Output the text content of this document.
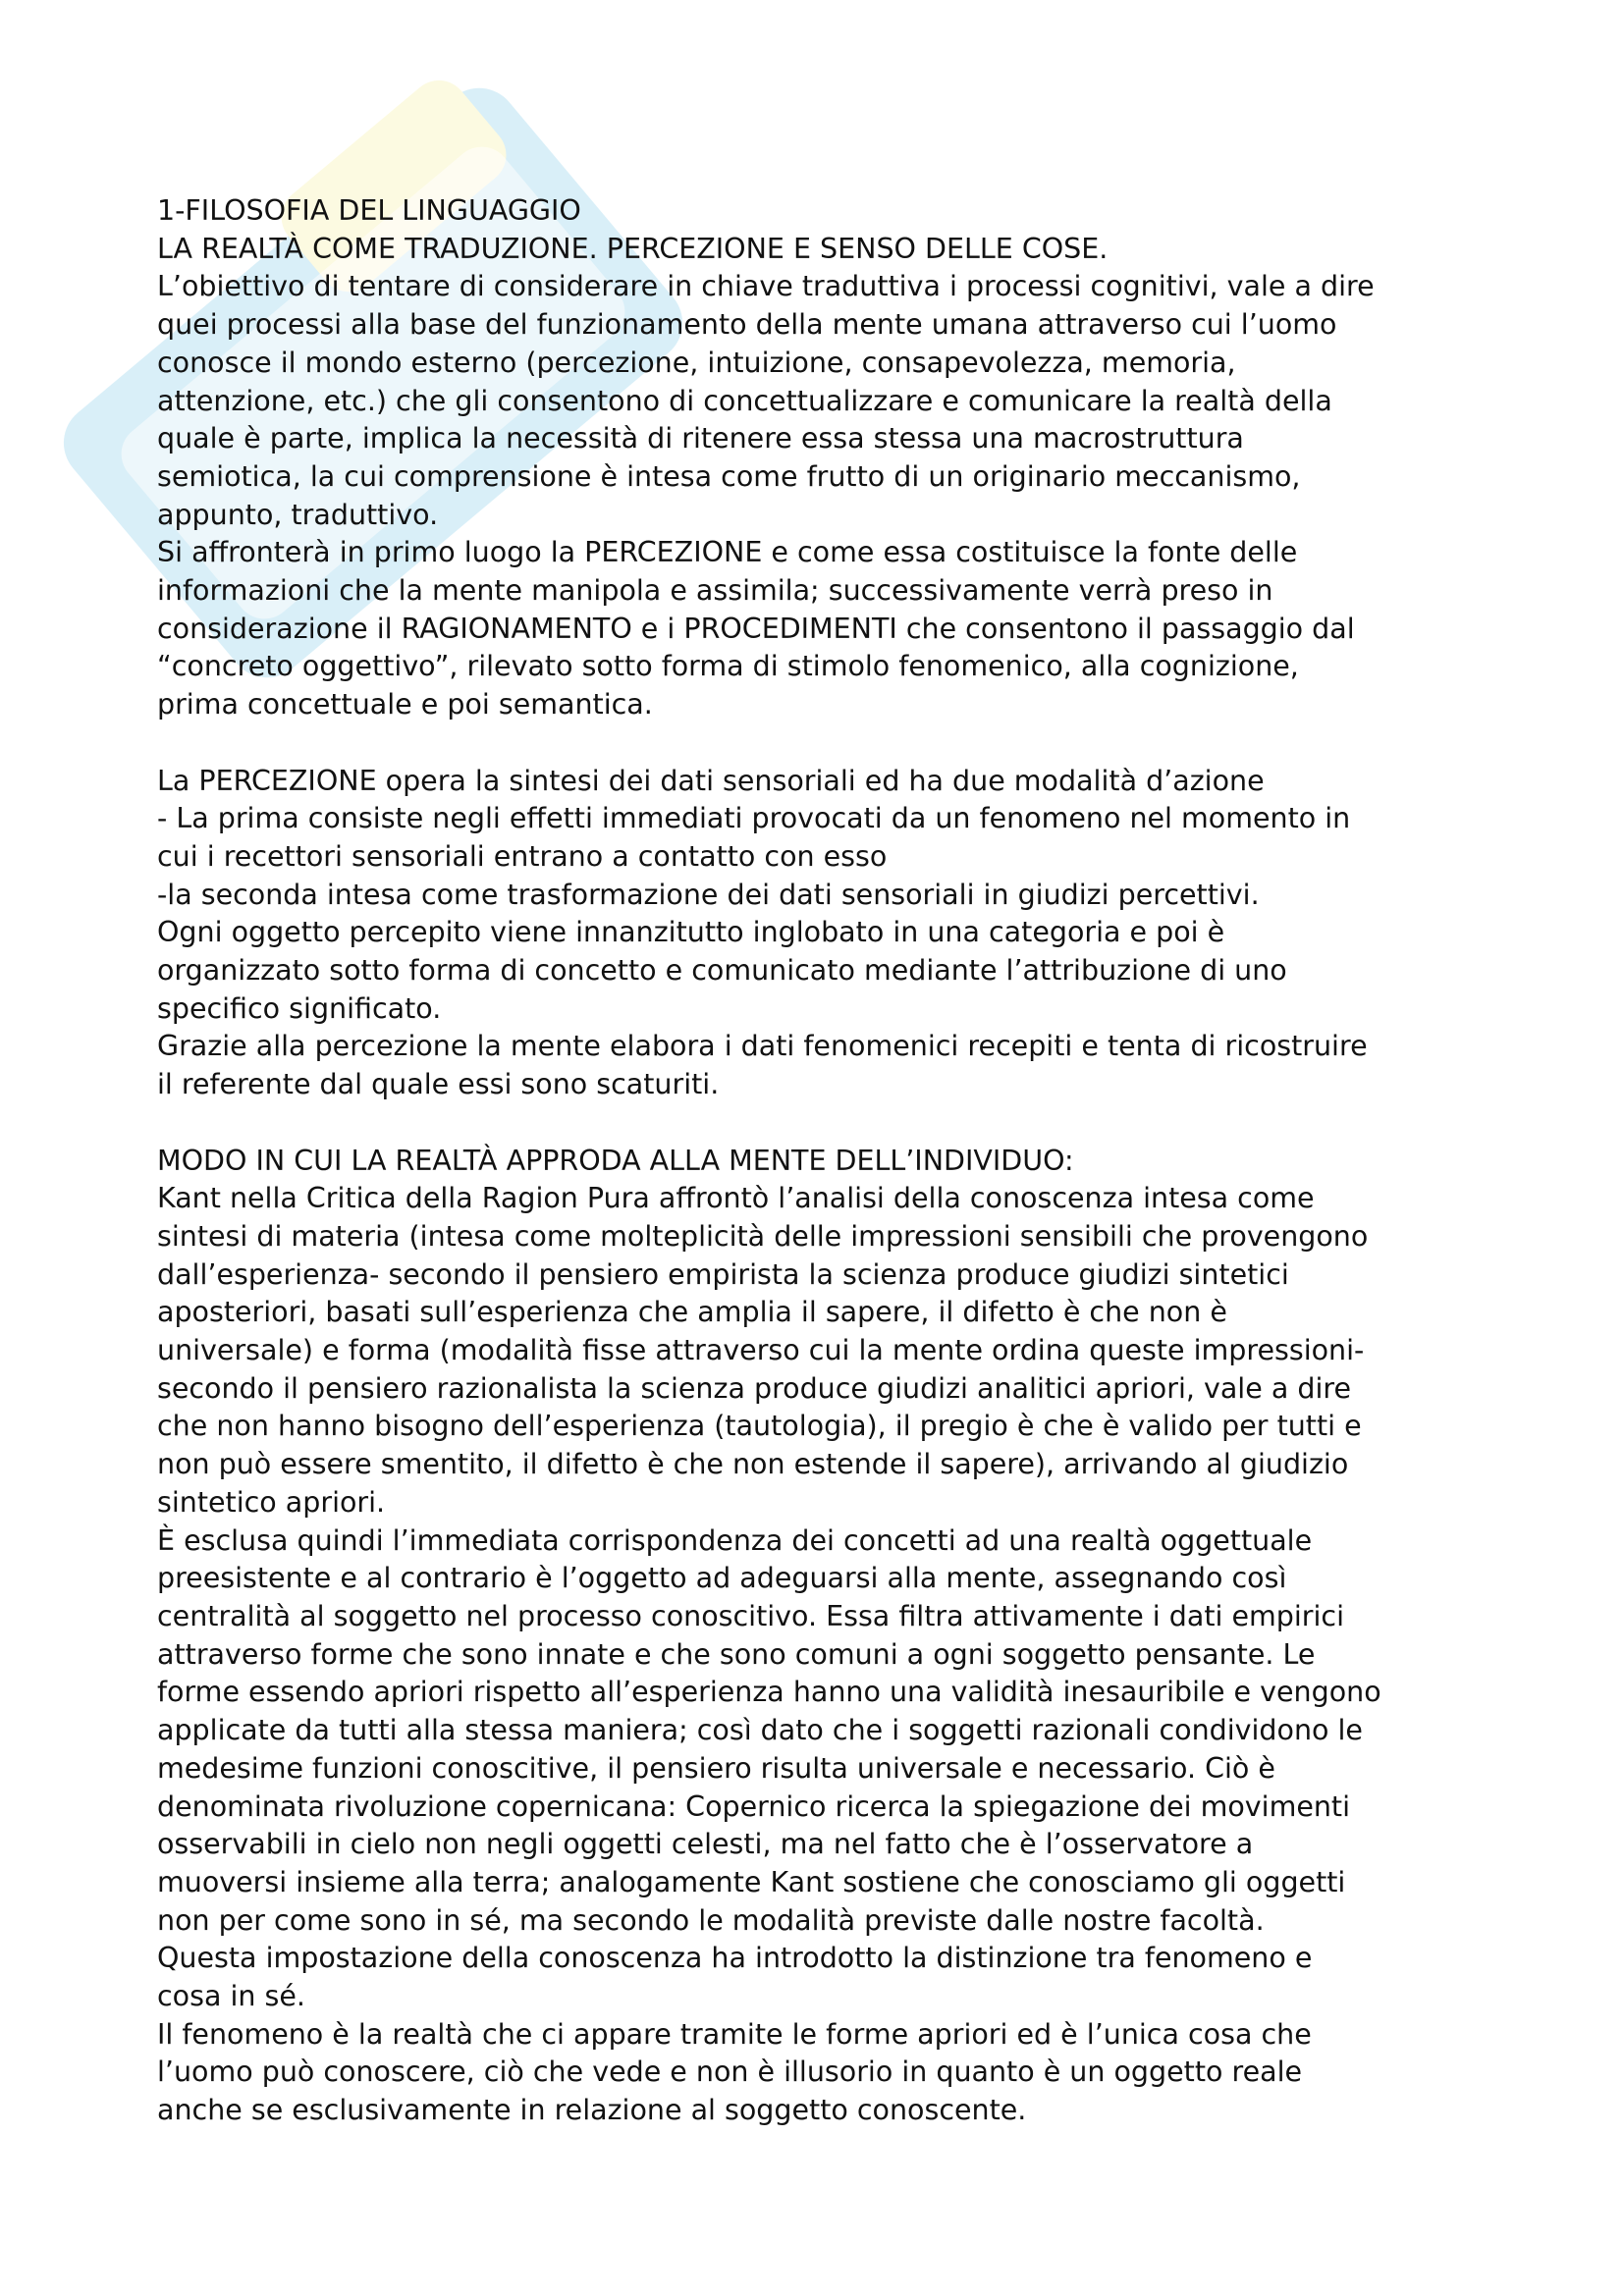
1-FILOSOFIA DEL LINGUAGGIO

LA REALTÀ COME TRADUZIONE. PERCEZIONE E SENSO DELLE COSE.

L’obiettivo di tentare di considerare in chiave traduttiva i processi cognitivi, vale a dire
quei processi alla base del funzionamento della mente umana attraverso cui l’uomo
conosce il mondo esterno (percezione, intuizione, consapevolezza, memoria,
attenzione, etc.) che gli consentono di concettualizzare e comunicare la realtà della
quale è parte, implica la necessità di ritenere essa stessa una macrostruttura
semiotica, la cui comprensione è intesa come frutto di un originario meccanismo,
appunto, traduttivo.

Si affronterà in primo luogo la PERCEZIONE e come essa costituisce la fonte delle
informazioni che la mente manipola e assimila; successivamente verrà preso in
considerazione il RAGIONAMENTO e i PROCEDIMENTI che consentono il passaggio dal
“concreto oggettivo”, rilevato sotto forma di stimolo fenomenico, alla cognizione,
prima concettuale e poi semantica.

La PERCEZIONE opera la sintesi dei dati sensoriali ed ha due modalità d’azione

- La prima consiste negli effetti immediati provocati da un fenomeno nel momento in
cui i recettori sensoriali entrano a contatto con esso

-la seconda intesa come trasformazione dei dati sensoriali in giudizi percettivi.

Ogni oggetto percepito viene innanzitutto inglobato in una categoria e poi è
organizzato sotto forma di concetto e comunicato mediante l’attribuzione di uno
specifico significato.

Grazie alla percezione la mente elabora i dati fenomenici recepiti e tenta di ricostruire
il referente dal quale essi sono scaturiti.

MODO IN CUI LA REALTÀ APPRODA ALLA MENTE DELL’INDIVIDUO:

Kant nella Critica della Ragion Pura affrontò l’analisi della conoscenza intesa come
sintesi di materia (intesa come molteplicità delle impressioni sensibili che provengono
dall’esperienza- secondo il pensiero empirista la scienza produce giudizi sintetici
aposteriori, basati sull’esperienza che amplia il sapere, il difetto è che non è
universale) e forma (modalità fisse attraverso cui la mente ordina queste impressioni-
secondo il pensiero razionalista la scienza produce giudizi analitici apriori, vale a dire
che non hanno bisogno dell’esperienza (tautologia), il pregio è che è valido per tutti e
non può essere smentito, il difetto è che non estende il sapere), arrivando al giudizio
sintetico apriori.

È esclusa quindi l’immediata corrispondenza dei concetti ad una realtà oggettuale
preesistente e al contrario è l’oggetto ad adeguarsi alla mente, assegnando così
centralità al soggetto nel processo conoscitivo. Essa filtra attivamente i dati empirici
attraverso forme che sono innate e che sono comuni a ogni soggetto pensante. Le
forme essendo apriori rispetto all’esperienza hanno una validità inesauribile e vengono
applicate da tutti alla stessa maniera; così dato che i soggetti razionali condividono le
medesime funzioni conoscitive, il pensiero risulta universale e necessario. Ciò è
denominata rivoluzione copernicana: Copernico ricerca la spiegazione dei movimenti
osservabili in cielo non negli oggetti celesti, ma nel fatto che è l’osservatore a
muoversi insieme alla terra; analogamente Kant sostiene che conosciamo gli oggetti
non per come sono in sé, ma secondo le modalità previste dalle nostre facoltà.

Questa impostazione della conoscenza ha introdotto la distinzione tra fenomeno e
cosa in sé.

Il fenomeno è la realtà che ci appare tramite le forme apriori ed è l’unica cosa che
l’uomo può conoscere, ciò che vede e non è illusorio in quanto è un oggetto reale
anche se esclusivamente in relazione al soggetto conoscente.
